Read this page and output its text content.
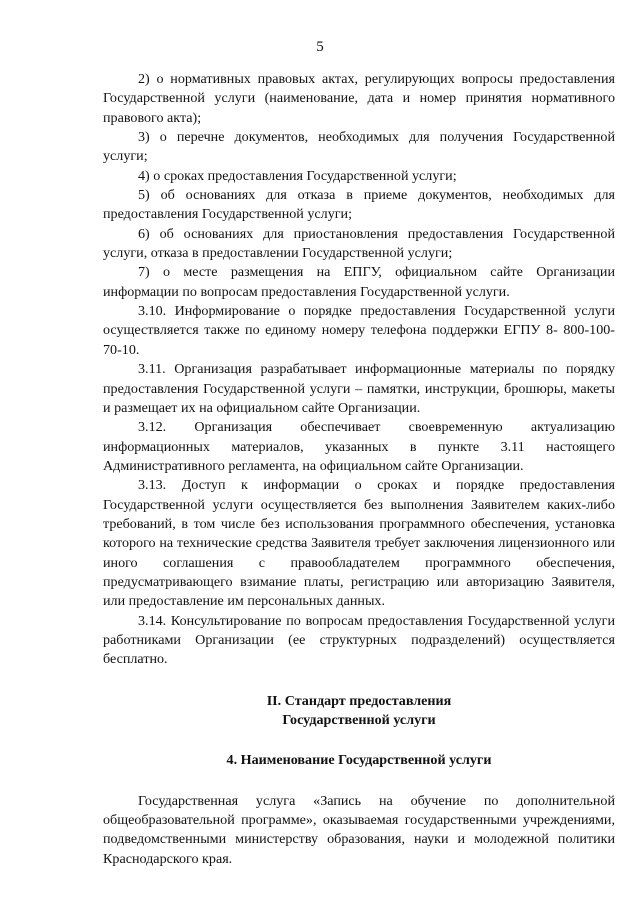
5

2) о нормативных правовых актах, регулирующих вопросы предоставления Государственной услуги (наименование, дата и номер принятия нормативного правового акта);

3) о перечне документов, необходимых для получения Государственной услуги;

4) о сроках предоставления Государственной услуги;

5) об основаниях для отказа в приеме документов, необходимых для предоставления Государственной услуги;

6) об основаниях для приостановления предоставления Государственной услуги, отказа в предоставлении Государственной услуги;

7) о месте размещения на ЕПГУ, официальном сайте Организации информации по вопросам предоставления Государственной услуги.

3.10. Информирование о порядке предоставления Государственной услуги осуществляется также по единому номеру телефона поддержки ЕГПУ 8- 800-100-70-10.

3.11. Организация разрабатывает информационные материалы по порядку предоставления Государственной услуги – памятки, инструкции, брошюры, макеты и размещает их на официальном сайте Организации.

3.12. Организация обеспечивает своевременную актуализацию информационных материалов, указанных в пункте 3.11 настоящего Административного регламента, на официальном сайте Организации.

3.13. Доступ к информации о сроках и порядке предоставления Государственной услуги осуществляется без выполнения Заявителем каких-либо требований, в том числе без использования программного обеспечения, установка которого на технические средства Заявителя требует заключения лицензионного или иного соглашения с правообладателем программного обеспечения, предусматривающего взимание платы, регистрацию или авторизацию Заявителя, или предоставление им персональных данных.

3.14. Консультирование по вопросам предоставления Государственной услуги работниками Организации (ее структурных подразделений) осуществляется бесплатно.

II. Стандарт предоставления
Государственной услуги
4. Наименование Государственной услуги

Государственная услуга «Запись на обучение по дополнительной общеобразовательной программе», оказываемая государственными учреждениями, подведомственными министерству образования, науки и молодежной политики Краснодарского края.
